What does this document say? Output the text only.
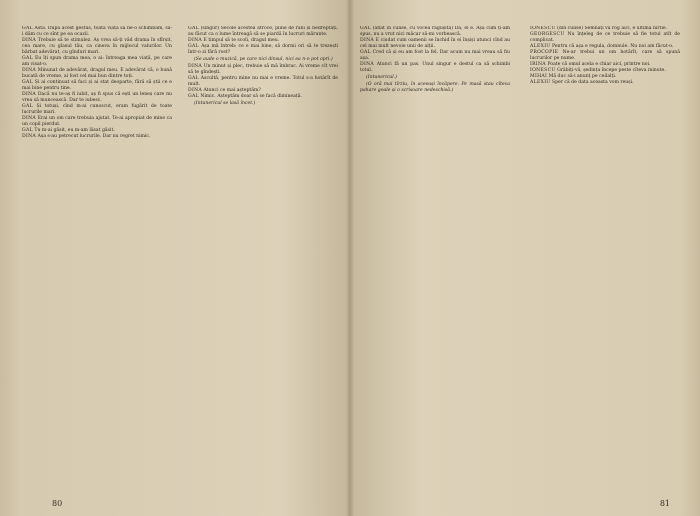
GAL Asta. După acest gestus, toată viața să ne-o schimbăm, să-i dăm cu ce sînt pe ea ocazii.

DINA Trebuie să te stimulez. Aș vrea să-ți văd drama în sfîrșit, cea mare, cu glasul tău, ca cineva în mijlocul valurilor. Un bărbat adevărat, cu gînduri mari.

GAL Eu îți spun drama mea, o ai: întreaga mea viață, pe care am visat-o.

DINA Minunat de adevărat, dragul meu. E adevărat că, o bună bucată de vreme, ai fost cel mai bun dintre toți.

GAL Și ai continuat să faci și ai stat deoparte, fără să știi ce e mai bine pentru tine.

DINA Dacă nu te-aș fi iubit, aș fi spus că ești un leneș care nu vrea să muncească. Dar te iubesc.

GAL Și totuși, cînd m-ai cunoscut, eram fugărit de toate lucrurile mari.

DINA Erai un om care trebuia ajutat. Te-ai apropiat de mine ca un copil pierdut.

GAL Tu m-ai găsit, eu m-am lăsat găsit.

DINA Așa s-au petrecut lucrurile. Dar nu regret nimic.

GAL (singur) Secole acestea atroce, pline de răni și nedreptăți, au făcut ca o lume întreagă să se piardă în lucruri mărunte.

DINA E timpul să te scoli, dragul meu.

GAL Așa mă întreb: ce e mai bine, să dormi ori să te trezești într-o zi fără rost?

(Se aude o muzică, pe care nici dinsul, nici ea n-o pot opri.)

DINA Un minut și plec, trebuie să mă îmbrac. Ai vreme cît vrei să te gîndești.

GAL Ascultă, pentru mine nu mai e vreme. Totul s-a hotărît de mult.

DINA Atunci ce mai așteptăm?

GAL Nimic. Așteptăm doar să se facă dimineață.

(Intunericul se lasă încet.)

80

GAL (aflat în culise, cu vocea răgușită) Da, el e. Așa cum ți-am spus, nu a vrut nici măcar să-mi vorbească.

DINA E ciudat cum oamenii se închid în ei înșiși atunci cînd au cel mai mult nevoie unii de alții.

GAL Cred că și eu am fost la fel. Dar acum nu mai vreau să fiu așa.

DINA Atunci fă un pas. Unul singur e destul ca să schimbi totul.

(Intunericul.)

(O oră mai tîrziu, în aceeași încăpere. Pe masă stau cîteva pahare goale și o scrisoare nedeschisă.)

IONESCU (din culise) Semnați vă rog aici, e ultima hîrtie.

GEORGESCU Nu înțeleg de ce trebuie să fie totul atît de complicat.

ALEXIU Pentru că așa e regula, domnule. Nu noi am făcut-o.

PROCOPIE Ne-ar trebui un om hotărît, care să spună lucrurilor pe nume.

IRINA Poate că omul acela e chiar aici, printre noi.

IONESCU Grăbiți-vă, ședința începe peste cîteva minute.

MIHAI Mă duc să-i anunț pe ceilalți.

ALEXIU Sper că de data aceasta vom reuși.

81
